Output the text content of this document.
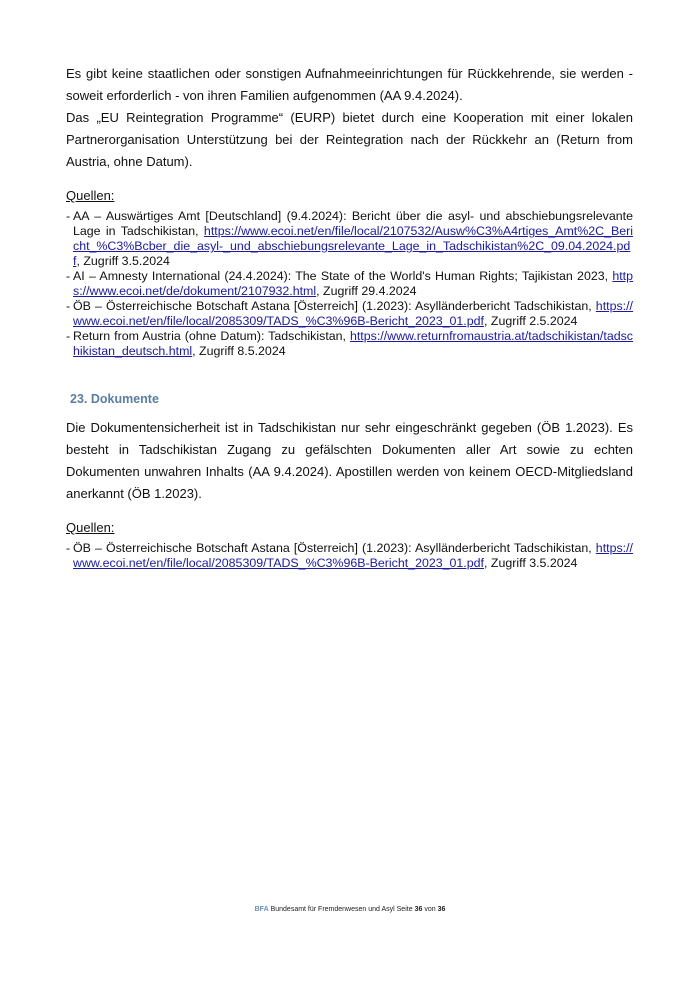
Es gibt keine staatlichen oder sonstigen Aufnahmeeinrichtungen für Rückkehrende, sie werden - soweit erforderlich - von ihren Familien aufgenommen (AA 9.4.2024).

Das „EU Reintegration Programme“ (EURP) bietet durch eine Kooperation mit einer lokalen Partnerorganisation Unterstützung bei der Reintegration nach der Rückkehr an (Return from Austria, ohne Datum).

Quellen:

- AA – Auswärtiges Amt [Deutschland] (9.4.2024): Bericht über die asyl- und abschiebungsrelevante Lage in Tadschikistan, https://www.ecoi.net/en/file/local/2107532/Ausw%C3%A4rtiges_Amt%2C_Bericht_%C3%Bcber_die_asyl-_und_abschiebungsrelevante_Lage_in_Tadschikistan%2C_09.04.2024.pdf, Zugriff 3.5.2024
- AI – Amnesty International (24.4.2024): The State of the World's Human Rights; Tajikistan 2023, https://www.ecoi.net/de/dokument/2107932.html, Zugriff 29.4.2024
- ÖB – Österreichische Botschaft Astana [Österreich] (1.2023): Asylländerbericht Tadschikistan, https://www.ecoi.net/en/file/local/2085309/TADS_%C3%96B-Bericht_2023_01.pdf, Zugriff 2.5.2024
- Return from Austria (ohne Datum): Tadschikistan, https://www.returnfromaustria.at/tadschikistan/tadschikistan_deutsch.html, Zugriff 8.5.2024
23. Dokumente

Die Dokumentensicherheit ist in Tadschikistan nur sehr eingeschränkt gegeben (ÖB 1.2023). Es besteht in Tadschikistan Zugang zu gefälschten Dokumenten aller Art sowie zu echten Dokumenten unwahren Inhalts (AA 9.4.2024). Apostillen werden von keinem OECD-Mitgliedsland anerkannt (ÖB 1.2023).

Quellen:

- ÖB – Österreichische Botschaft Astana [Österreich] (1.2023): Asylländerbericht Tadschikistan, https://www.ecoi.net/en/file/local/2085309/TADS_%C3%96B-Bericht_2023_01.pdf, Zugriff 3.5.2024
BFA Bundesamt für Fremdenwesen und Asyl Seite 36 von 36
